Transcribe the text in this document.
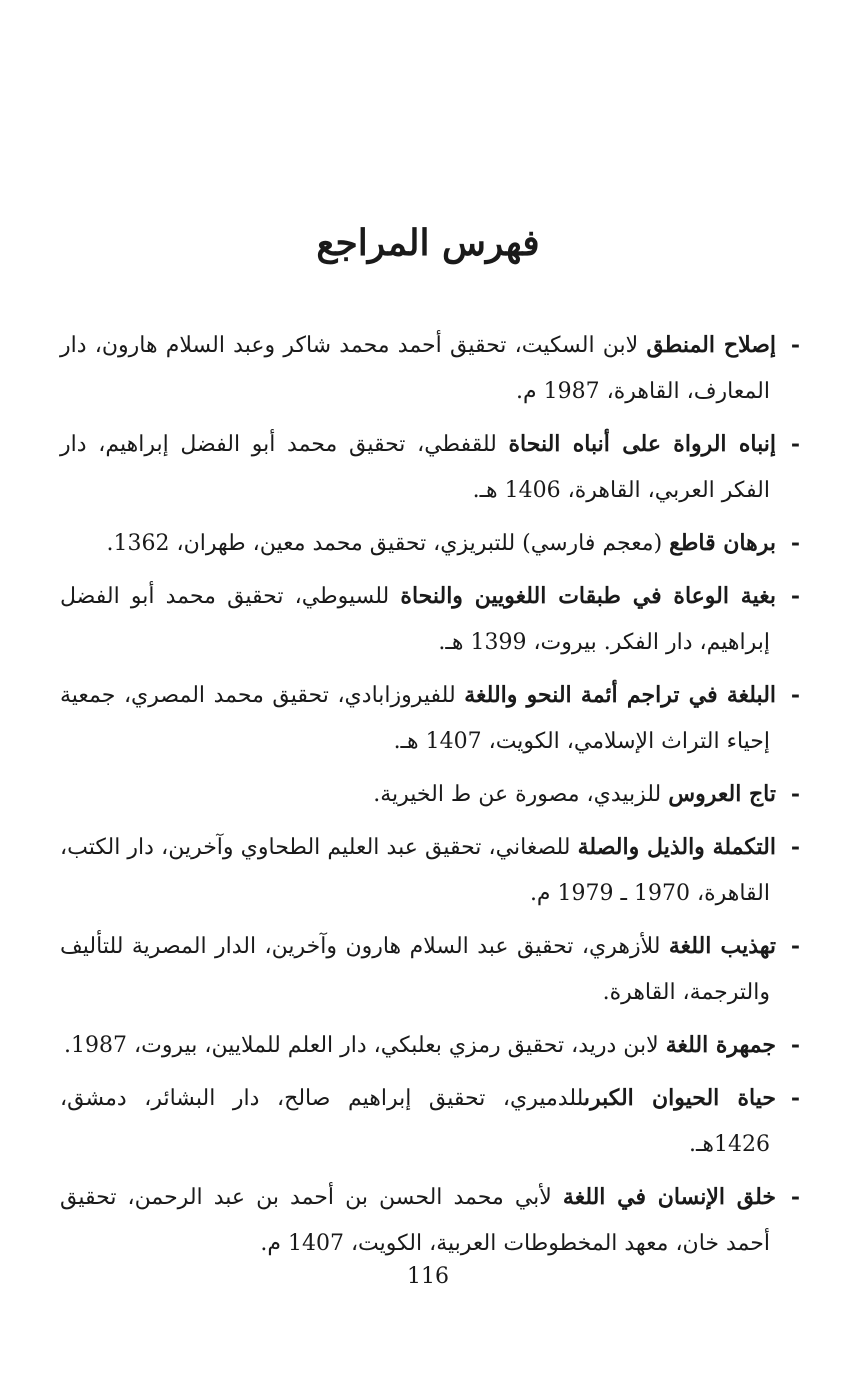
فهرس المراجع
-إصلاح المنطق لابن السكيت، تحقيق أحمد محمد شاكر وعبد السلام هارون، دار المعارف، القاهرة، 1987 م.
-إنباه الرواة على أنباه النحاة للقفطي، تحقيق محمد أبو الفضل إبراهيم، دار الفكر العربي، القاهرة، 1406 هـ.
-برهان قاطع (معجم فارسي) للتبريزي، تحقيق محمد معين، طهران، 1362.
-بغية الوعاة في طبقات اللغويين والنحاة للسيوطي، تحقيق محمد أبو الفضل إبراهيم، دار الفكر. بيروت، 1399 هـ.
-البلغة في تراجم أئمة النحو واللغة للفيروزابادي، تحقيق محمد المصري، جمعية إحياء التراث الإسلامي، الكويت، 1407 هـ.
-تاج العروس للزبيدي، مصورة عن ط الخيرية.
-التكملة والذيل والصلة للصغاني، تحقيق عبد العليم الطحاوي وآخرين، دار الكتب، القاهرة، 1970 ـ 1979 م.
-تهذيب اللغة للأزهري، تحقيق عبد السلام هارون وآخرين، الدار المصرية للتأليف والترجمة، القاهرة.
-جمهرة اللغة لابن دريد، تحقيق رمزي بعلبكي، دار العلم للملايين، بيروت، 1987.
-حياة الحيوان الكبرىللدميري، تحقيق إبراهيم صالح، دار البشائر، دمشق، 1426هـ.
-خلق الإنسان في اللغة لأبي محمد الحسن بن أحمد بن عبد الرحمن، تحقيق أحمد خان، معهد المخطوطات العربية، الكويت، 1407 م.
116
